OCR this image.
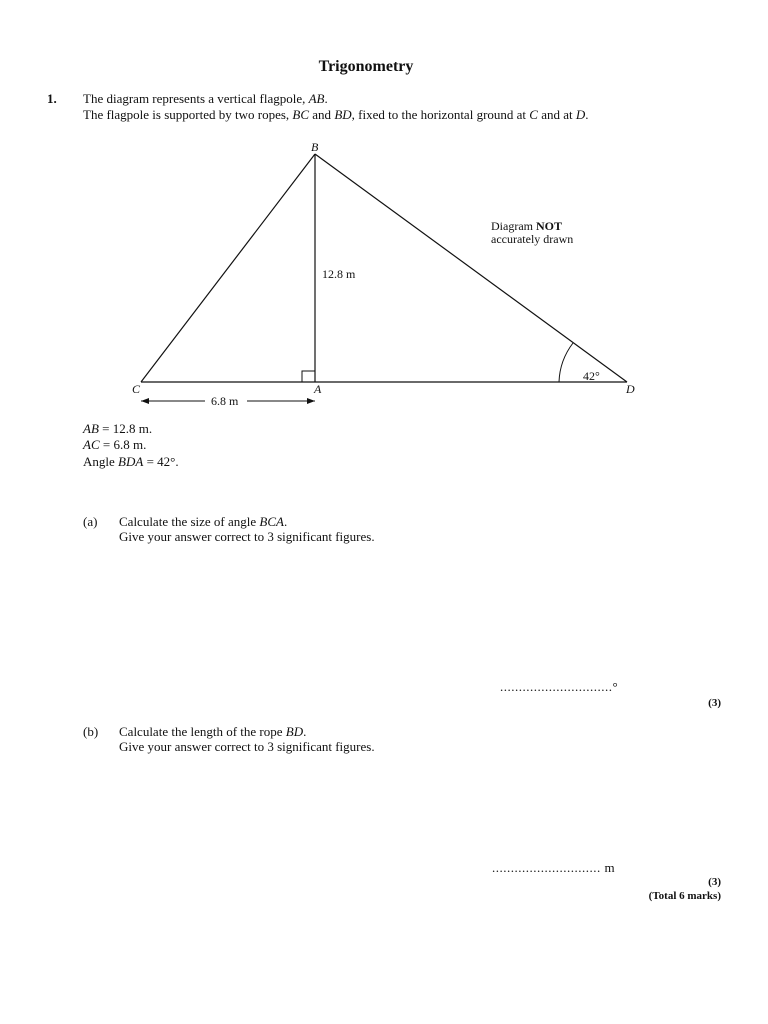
Trigonometry
1. The diagram represents a vertical flagpole, AB.
The flagpole is supported by two ropes, BC and BD, fixed to the horizontal ground at C and at D.
B
C	A	D
12.8 m
42°
Diagram NOT
accurately drawn
6.8 m
AB = 12.8 m.
AC = 6.8 m.
Angle BDA = 42°.
(a) Calculate the size of angle BCA.
Give your answer correct to 3 significant figures.
..............................°
(3)
(b) Calculate the length of the rope BD.
Give your answer correct to 3 significant figures.
............................. m
(3)
(Total 6 marks)
